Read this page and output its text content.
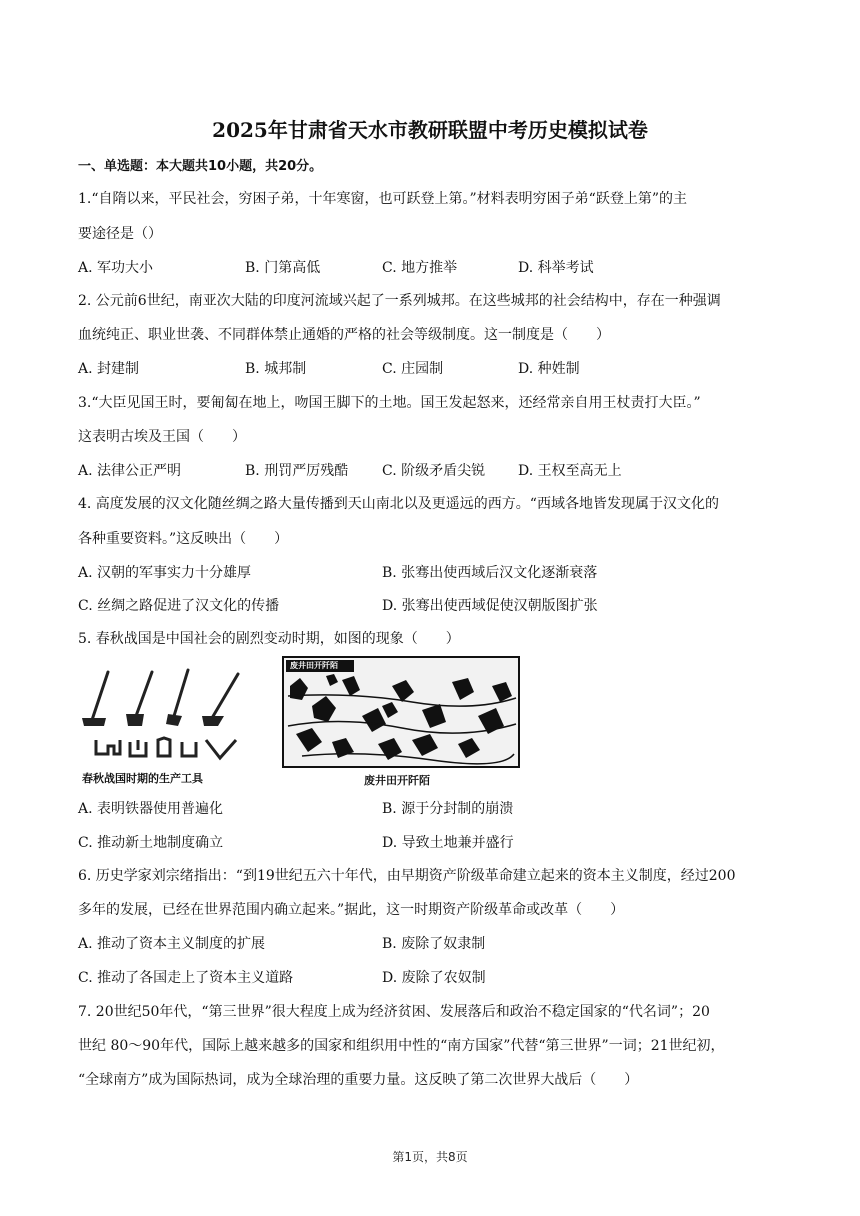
2025年甘肃省天水市教研联盟中考历史模拟试卷
一、单选题：本大题共10小题，共20分。
1.“自隋以来，平民社会，穷困子弟，十年寒窗，也可跃登上第。”材料表明穷困子弟“跃登上第”的主
要途径是（）
A. 军功大小	B. 门第高低	C. 地方推举	D. 科举考试
2. 公元前6世纪，南亚次大陆的印度河流域兴起了一系列城邦。在这些城邦的社会结构中，存在一种强调
血统纯正、职业世袭、不同群体禁止通婚的严格的社会等级制度。这一制度是（　　）
A. 封建制	B. 城邦制	C. 庄园制	D. 种姓制
3.“大臣见国王时，要匍匐在地上，吻国王脚下的土地。国王发起怒来，还经常亲自用王杖责打大臣。”
这表明古埃及王国（　　）
A. 法律公正严明	B. 刑罚严厉残酷 C. 阶级矛盾尖锐 D. 王权至高无上
4. 高度发展的汉文化随丝绸之路大量传播到天山南北以及更遥远的西方。“西域各地皆发现属于汉文化的
各种重要资料。”这反映出（　　）
A. 汉朝的军事实力十分雄厚	B. 张骞出使西域后汉文化逐渐衰落
C. 丝绸之路促进了汉文化的传播	D. 张骞出使西域促使汉朝版图扩张
5. 春秋战国是中国社会的剧烈变动时期，如图的现象（　　）
春秋战国时期的生产工具
废井田开阡陌
废井田开阡陌
A. 表明铁器使用普遍化	B. 源于分封制的崩溃
C. 推动新土地制度确立	D. 导致土地兼并盛行
6. 历史学家刘宗绪指出：“到19世纪五六十年代，由早期资产阶级革命建立起来的资本主义制度，经过200
多年的发展，已经在世界范围内确立起来。”据此，这一时期资产阶级革命或改革（　　）
A. 推动了资本主义制度的扩展	B. 废除了奴隶制
C. 推动了各国走上了资本主义道路	D. 废除了农奴制
7. 20世纪50年代，“第三世界”很大程度上成为经济贫困、发展落后和政治不稳定国家的“代名词”；20
世纪 80～90年代，国际上越来越多的国家和组织用中性的“南方国家”代替“第三世界”一词；21世纪初，
“全球南方”成为国际热词，成为全球治理的重要力量。这反映了第二次世界大战后（　　）
第1页，共8页
